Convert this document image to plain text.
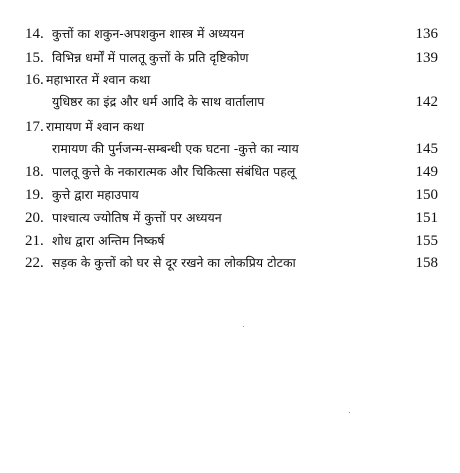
14. कुत्तों का शकुन-अपशकुन शास्त्र में अध्ययन	136
15. विभिन्न धर्मों में पालतू कुत्तों के प्रति दृष्टिकोण	139
16. महाभारत में श्वान कथा
युधिष्ठर का इंद्र और धर्म आदि के साथ वार्तालाप	142
17. रामायण में श्वान कथा
रामायण की पुर्नजन्म-सम्बन्धी एक घटना -कुत्ते का न्याय	145
18. पालतू कुत्ते के नकारात्मक और चिकित्सा संबंधित पहलू	149
19. कुत्ते द्वारा महाउपाय	150
20. पाश्चात्य ज्योतिष में कुत्तों पर अध्ययन	151
21. शोध द्वारा अन्तिम निष्कर्ष	155
22. सड़क के कुत्तों को घर से दूर रखने का लोकप्रिय टोटका	158
